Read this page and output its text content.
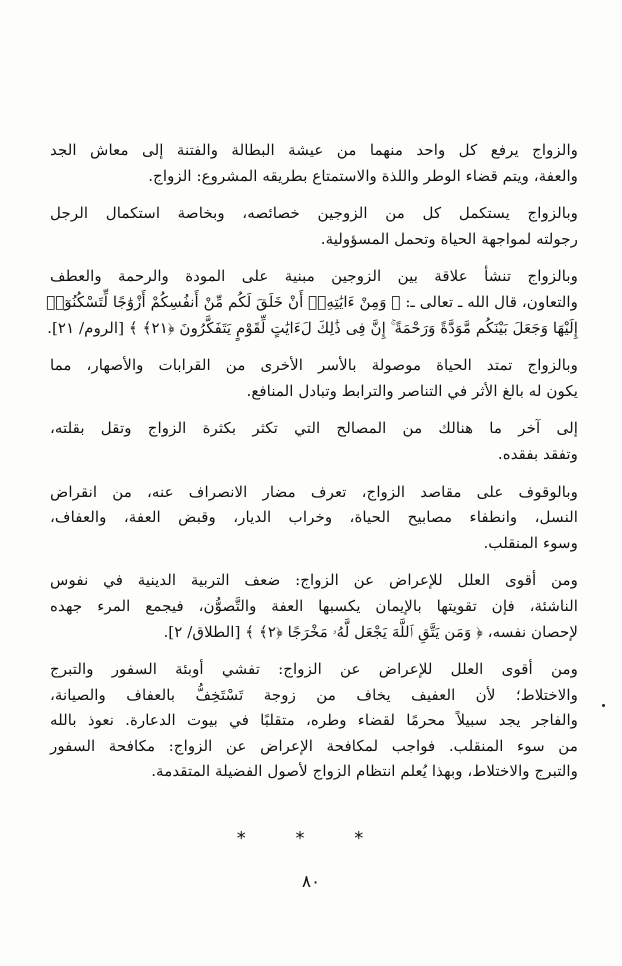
والزواج يرفع كل واحد منهما من عيشة البطالة والفتنة إلى معاش الجد
والعفة، ويتم قضاء الوطر واللذة والاستمتاع بطريقه المشروع: الزواج.

وبالزواج يستكمل كل من الزوجين خصائصه، وبخاصة استكمال الرجل
رجولته لمواجهة الحياة وتحمل المسؤولية.

وبالزواج تنشأ علاقة بين الزوجين مبنية على المودة والرحمة والعطف
والتعاون، قال الله ـ تعالى ـ: ﴿ وَمِنْ ءَايَٰتِهِۦٓ أَنْ خَلَقَ لَكُم مِّنْ أَنفُسِكُمْ أَزْوَٰجًا لِّتَسْكُنُوٓا۟
إِلَيْهَا وَجَعَلَ بَيْنَكُم مَّوَدَّةً وَرَحْمَةً ۚ إِنَّ فِى ذَٰلِكَ لَءَايَٰتٍ لِّقَوْمٍ يَتَفَكَّرُونَ ﴿٢١﴾ ﴾ [الروم/ ٢١].

وبالزواج تمتد الحياة موصولة بالأسر الأخرى من القرابات والأصهار، مما
يكون له بالغ الأثر في التناصر والترابط وتبادل المنافع.

إلى آخر ما هنالك من المصالح التي تكثر بكثرة الزواج وتقل بقلته،
وتفقد بفقده.

وبالوقوف على مقاصد الزواج، تعرف مضار الانصراف عنه، من انقراض
النسل، وانطفاء مصابيح الحياة، وخراب الديار، وقبض العفة، والعفاف،
وسوء المنقلب.

ومن أقوى العلل للإعراض عن الزواج: ضعف التربية الدينية في نفوس
الناشئة، فإن تقويتها بالإيمان يكسبها العفة والتَّصوُّن، فيجمع المرء جهده
لإحصان نفسه، ﴿ وَمَن يَتَّقِ ٱللَّهَ يَجْعَل لَّهُۥ مَخْرَجًا ﴿٢﴾ ﴾ [الطلاق/ ٢].

ومن أقوى العلل للإعراض عن الزواج: تفشي أوبئة السفور والتبرج
والاختلاط؛ لأن العفيف يخاف من زوجة تَسْتَخِفُّ بالعفاف والصيانة،
والفاجر يجد سبيلاً محرمًا لقضاء وطره، متقلبًا في بيوت الدعارة. نعوذ بالله
من سوء المنقلب. فواجب لمكافحة الإعراض عن الزواج: مكافحة السفور
والتبرج والاختلاط، وبهذا يُعلم انتظام الزواج لأصول الفضيلة المتقدمة.

* * *
٨٠
